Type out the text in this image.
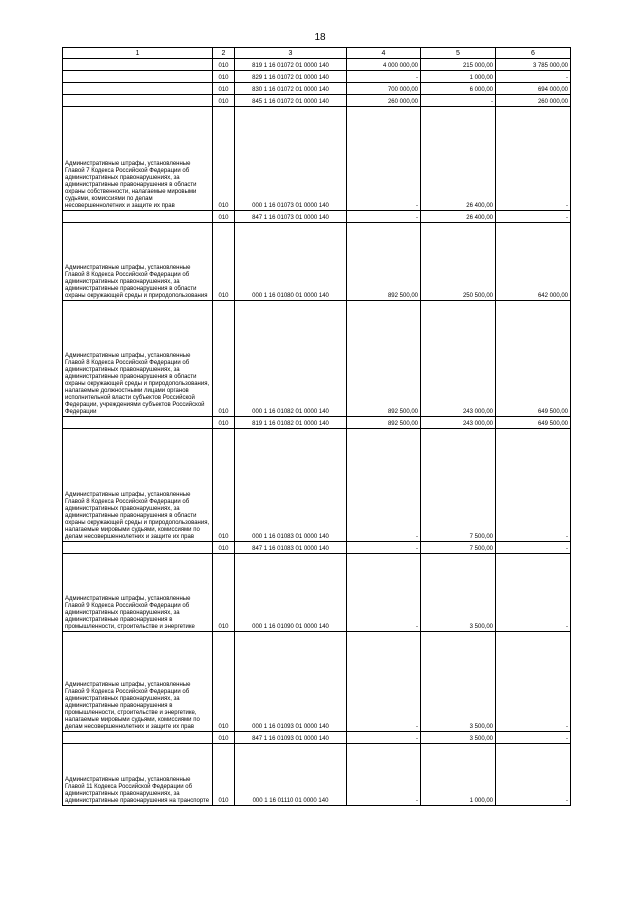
18
1	2	3	4	5	6
	010	819 1 16 01072 01 0000 140	4 000 000,00	215 000,00	3 785 000,00
	010	829 1 16 01072 01 0000 140	-	1 000,00	-
	010	830 1 16 01072 01 0000 140	700 000,00	6 000,00	694 000,00
	010	845 1 16 01072 01 0000 140	260 000,00	-	260 000,00
Административные штрафы, установленные Главой 7 Кодекса Российской Федерации об административных правонарушениях, за административные правонарушения в области охраны собственности, налагаемые мировыми судьями, комиссиями по делам несовершеннолетних и защите их прав	010	000 1 16 01073 01 0000 140	-	26 400,00	-
	010	847 1 16 01073 01 0000 140	-	26 400,00	-
Административные штрафы, установленные Главой 8 Кодекса Российской Федерации об административных правонарушениях, за административные правонарушения в области охраны окружающей среды и природопользования	010	000 1 16 01080 01 0000 140	892 500,00	250 500,00	642 000,00
Административные штрафы, установленные Главой 8 Кодекса Российской Федерации об административных правонарушениях, за административные правонарушения в области охраны окружающей среды и природопользования, налагаемые должностными лицами органов исполнительной власти субъектов Российской Федерации, учреждениями субъектов Российской Федерации	010	000 1 16 01082 01 0000 140	892 500,00	243 000,00	649 500,00
	010	819 1 16 01082 01 0000 140	892 500,00	243 000,00	649 500,00
Административные штрафы, установленные Главой 8 Кодекса Российской Федерации об административных правонарушениях, за административные правонарушения в области охраны окружающей среды и природопользования, налагаемые мировыми судьями, комиссиями по делам несовершеннолетних и защите их прав	010	000 1 16 01083 01 0000 140	-	7 500,00	-
	010	847 1 16 01083 01 0000 140	-	7 500,00	-
Административные штрафы, установленные Главой 9 Кодекса Российской Федерации об административных правонарушениях, за административные правонарушения в промышленности, строительстве и энергетике	010	000 1 16 01090 01 0000 140	-	3 500,00	-
Административные штрафы, установленные Главой 9 Кодекса Российской Федерации об административных правонарушениях, за административные правонарушения в промышленности, строительстве и энергетике, налагаемые мировыми судьями, комиссиями по делам несовершеннолетних и защите их прав	010	000 1 16 01093 01 0000 140	-	3 500,00	-
	010	847 1 16 01093 01 0000 140	-	3 500,00	-
Административные штрафы, установленные Главой 11 Кодекса Российской Федерации об административных правонарушениях, за административные правонарушения на транспорте	010	000 1 16 01110 01 0000 140	-	1 000,00	-
